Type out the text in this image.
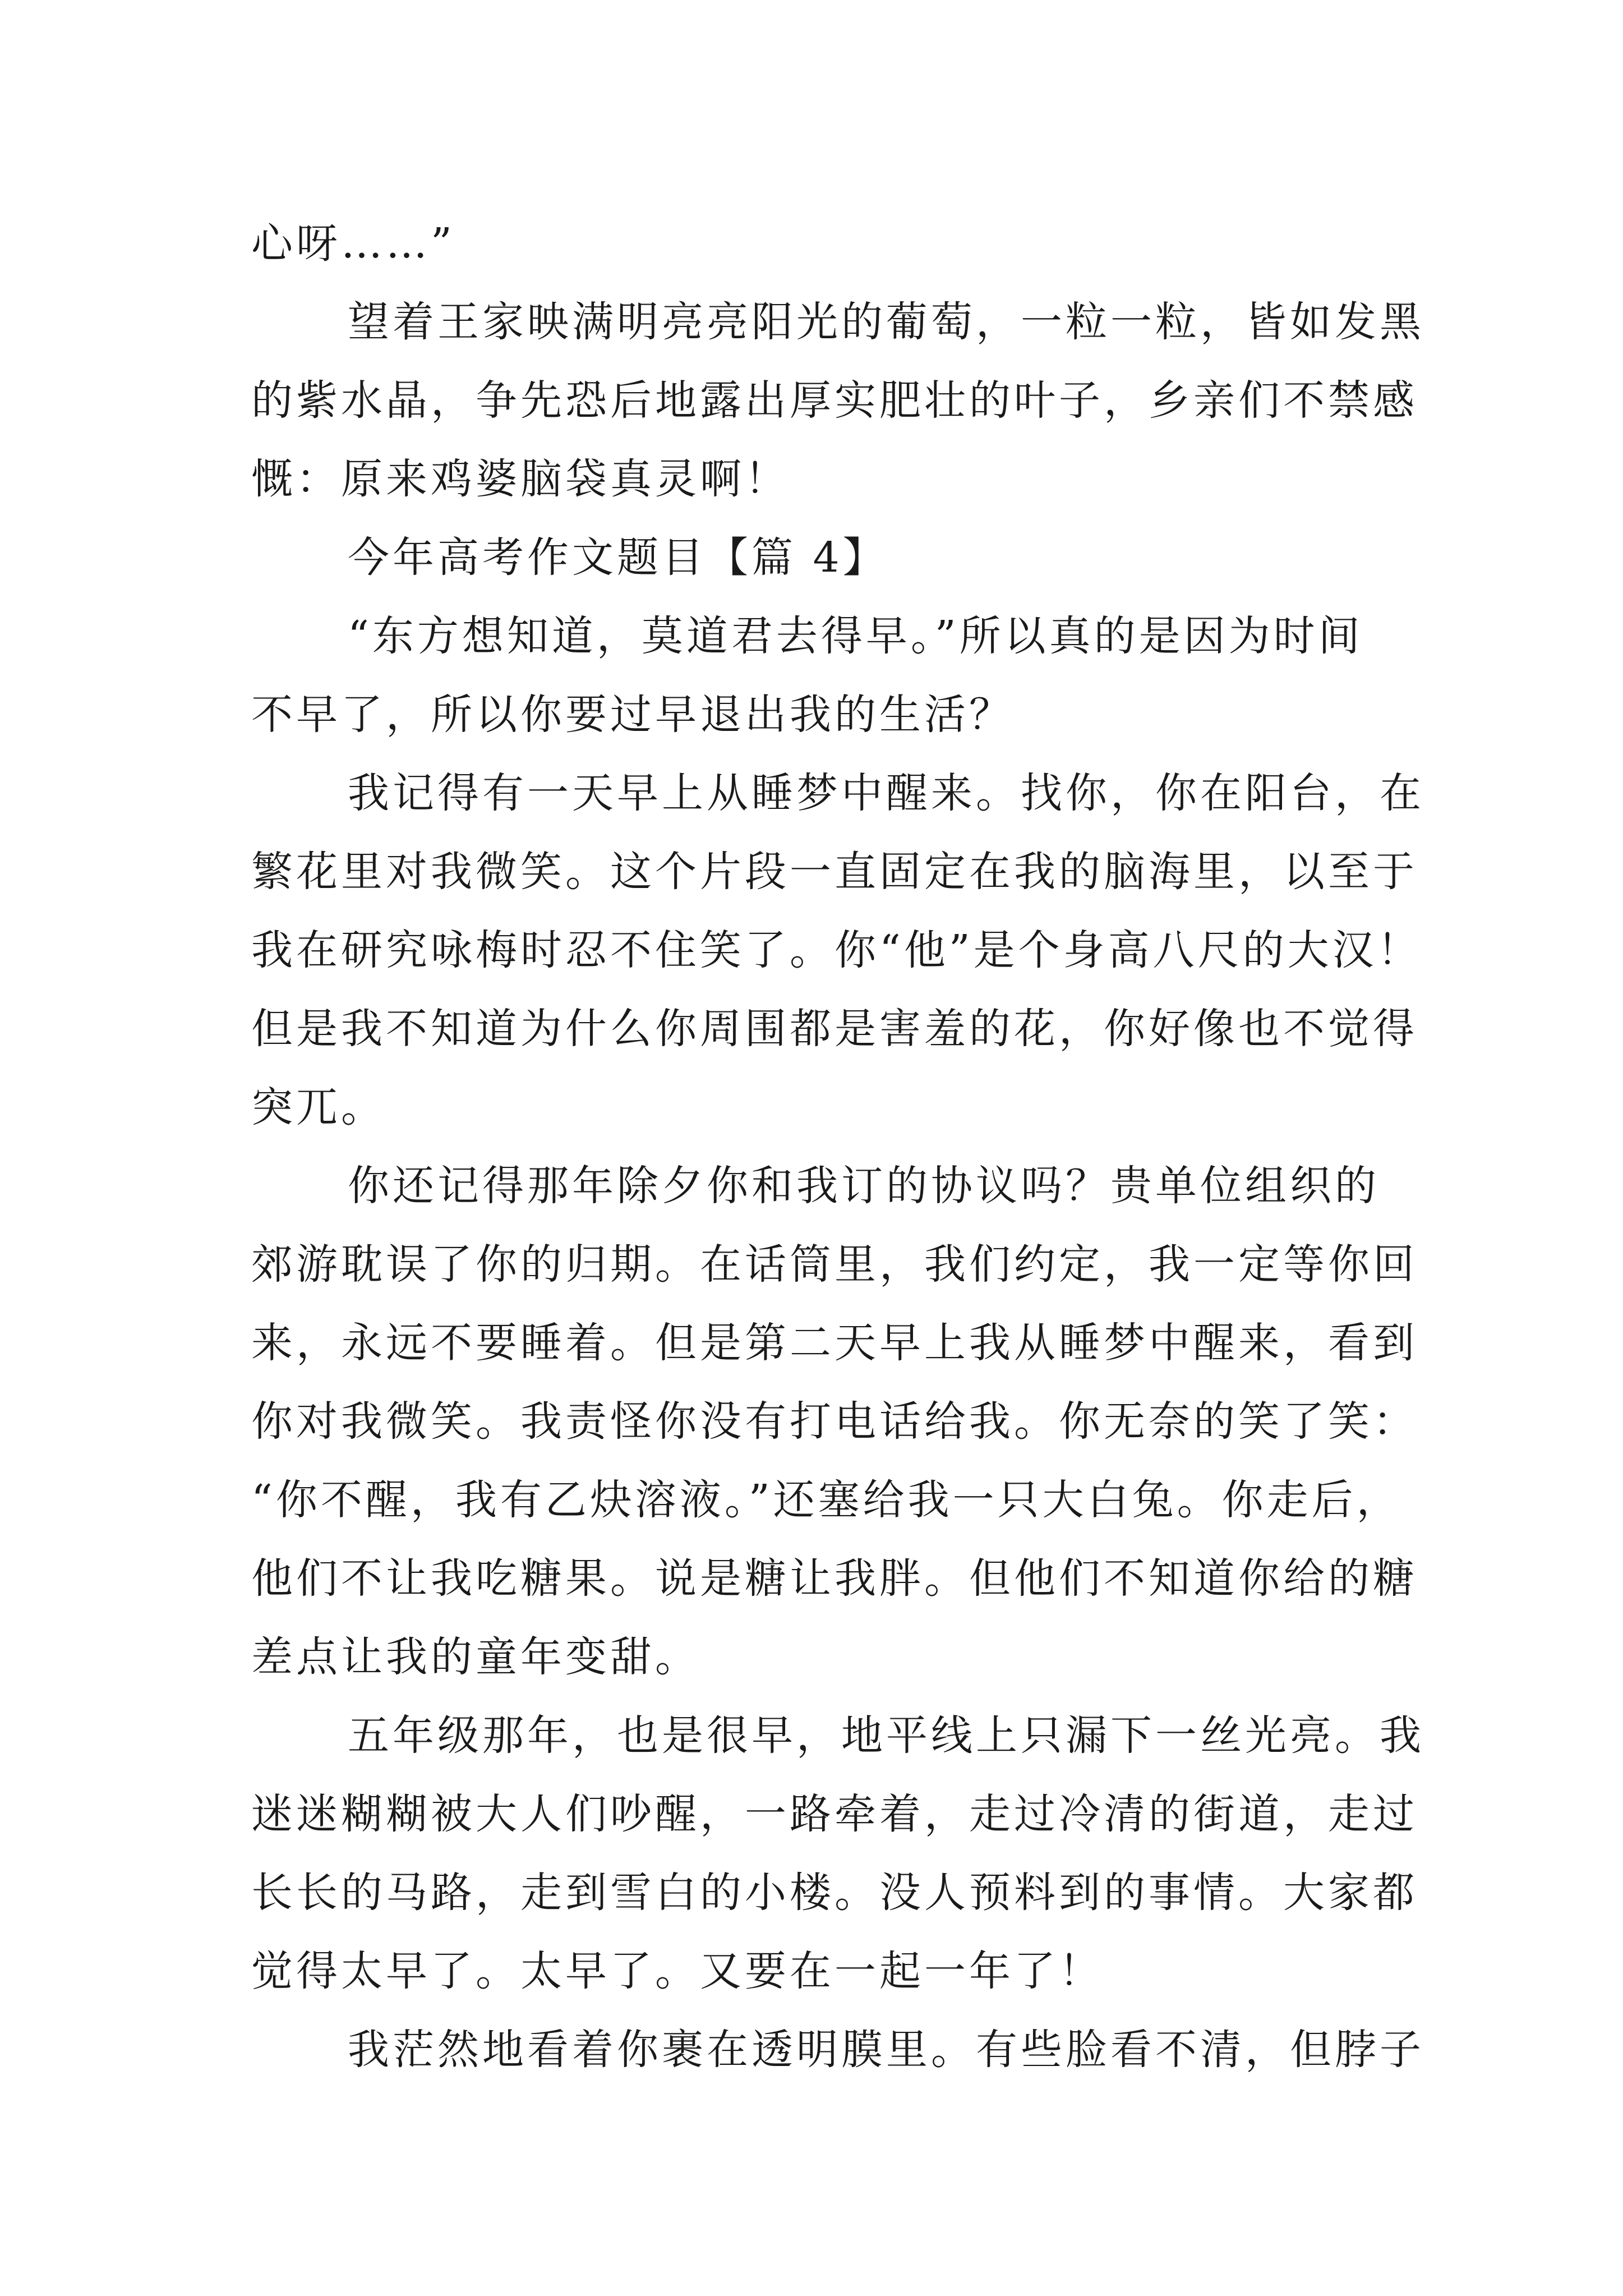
心呀……”
望着王家映满明亮亮阳光的葡萄，一粒一粒，皆如发黑
的紫水晶，争先恐后地露出厚实肥壮的叶子，乡亲们不禁感
慨：原来鸡婆脑袋真灵啊！
今年高考作文题目【篇 4】
“东方想知道，莫道君去得早。”所以真的是因为时间
不早了，所以你要过早退出我的生活？
我记得有一天早上从睡梦中醒来。找你，你在阳台，在
繁花里对我微笑。这个片段一直固定在我的脑海里，以至于
我在研究咏梅时忍不住笑了。你“他”是个身高八尺的大汉！
但是我不知道为什么你周围都是害羞的花，你好像也不觉得
突兀。
你还记得那年除夕你和我订的协议吗？贵单位组织的
郊游耽误了你的归期。在话筒里，我们约定，我一定等你回
来，永远不要睡着。但是第二天早上我从睡梦中醒来，看到
你对我微笑。我责怪你没有打电话给我。你无奈的笑了笑：
“你不醒，我有乙炔溶液。”还塞给我一只大白兔。你走后，
他们不让我吃糖果。说是糖让我胖。但他们不知道你给的糖
差点让我的童年变甜。
五年级那年，也是很早，地平线上只漏下一丝光亮。我
迷迷糊糊被大人们吵醒，一路牵着，走过冷清的街道，走过
长长的马路，走到雪白的小楼。没人预料到的事情。大家都
觉得太早了。太早了。又要在一起一年了！
我茫然地看着你裹在透明膜里。有些脸看不清，但脖子
